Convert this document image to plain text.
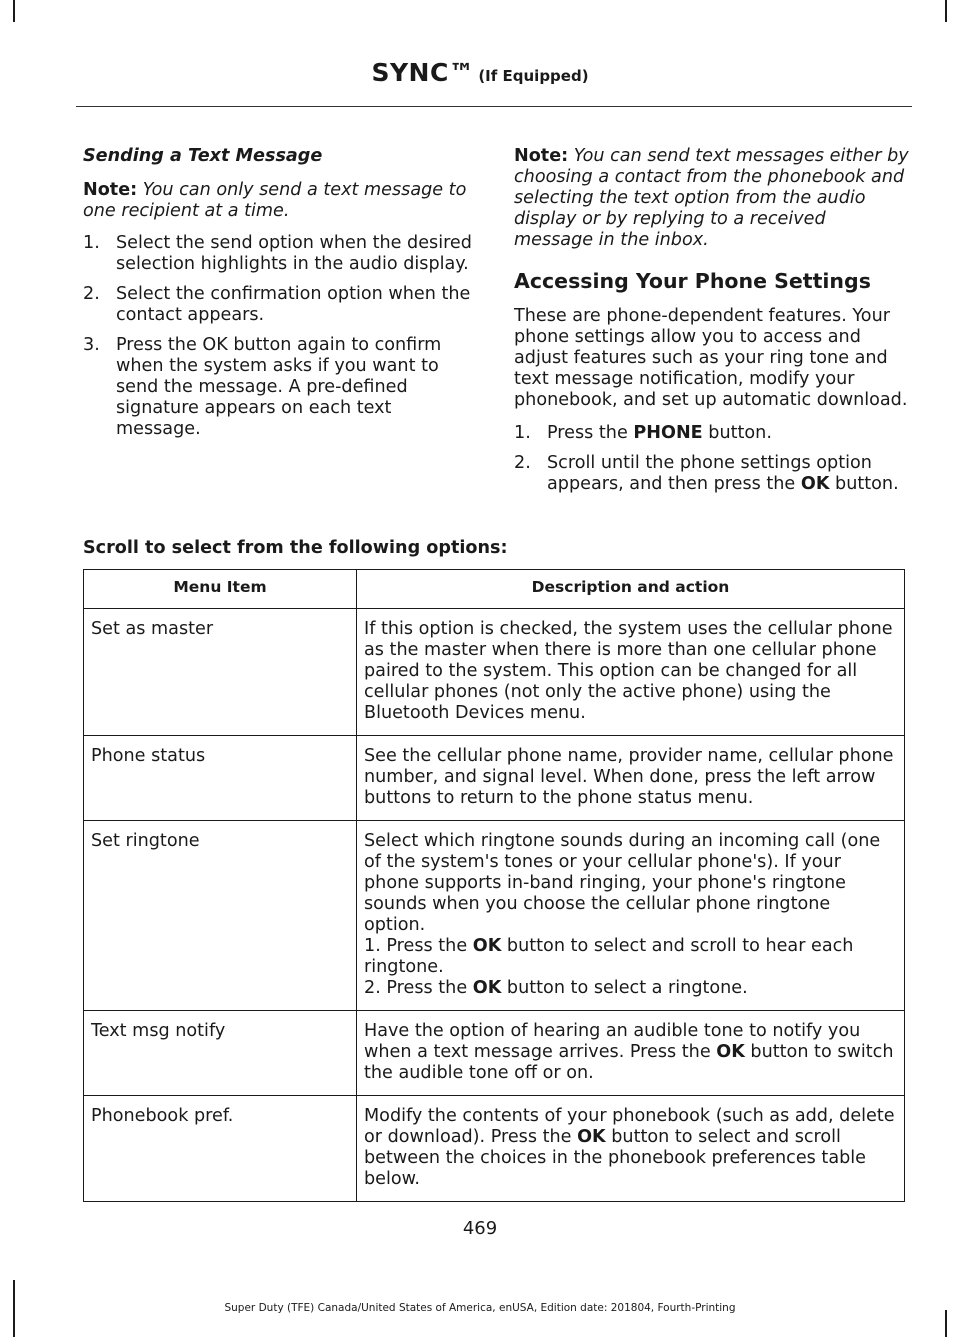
SYNC™ (If Equipped)

Sending a Text Message

Note: You can only send a text message to one recipient at a time.

1. Select the send option when the desired selection highlights in the audio display.
2. Select the confirmation option when the contact appears.
3. Press the OK button again to confirm when the system asks if you want to send the message. A pre-defined signature appears on each text message.

Note: You can send text messages either by choosing a contact from the phonebook and selecting the text option from the audio display or by replying to a received message in the inbox.

Accessing Your Phone Settings

These are phone-dependent features. Your phone settings allow you to access and adjust features such as your ring tone and text message notification, modify your phonebook, and set up automatic download.

1. Press the PHONE button.
2. Scroll until the phone settings option appears, and then press the OK button.
Scroll to select from the following options:
Menu Item	Description and action
Set as master	If this option is checked, the system uses the cellular phone as the master when there is more than one cellular phone paired to the system. This option can be changed for all cellular phones (not only the active phone) using the Bluetooth Devices menu.
Phone status	See the cellular phone name, provider name, cellular phone number, and signal level. When done, press the left arrow buttons to return to the phone status menu.
Set ringtone	Select which ringtone sounds during an incoming call (one of the system's tones or your cellular phone's). If your phone supports in-band ringing, your phone's ringtone sounds when you choose the cellular phone ringtone option.
1. Press the OK button to select and scroll to hear each ringtone.
2. Press the OK button to select a ringtone.

Text msg notify	Have the option of hearing an audible tone to notify you when a text message arrives. Press the OK button to switch the audible tone off or on.
Phonebook pref.	Modify the contents of your phonebook (such as add, delete or download). Press the OK button to select and scroll between the choices in the phonebook preferences table below.
469
Super Duty (TFE) Canada/United States of America, enUSA, Edition date: 201804, Fourth-Printing
